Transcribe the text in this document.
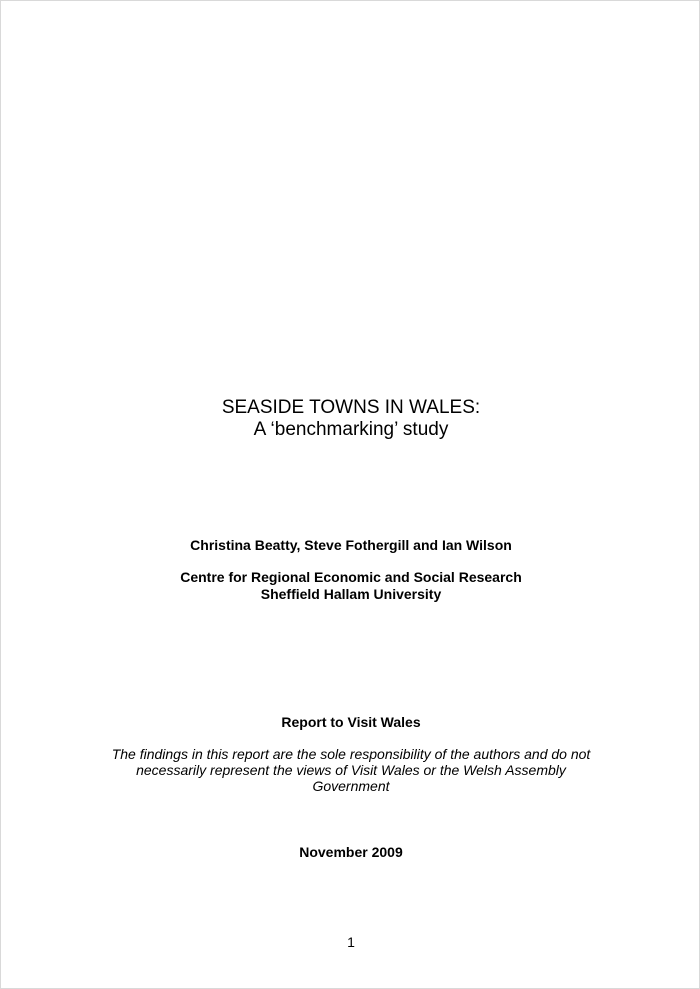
SEASIDE TOWNS IN WALES:
A ‘benchmarking’ study
Christina Beatty, Steve Fothergill and Ian Wilson
Centre for Regional Economic and Social Research
Sheffield Hallam University
Report to Visit Wales
The findings in this report are the sole responsibility of the authors and do not
necessarily represent the views of Visit Wales or the Welsh Assembly
Government
November 2009
1
